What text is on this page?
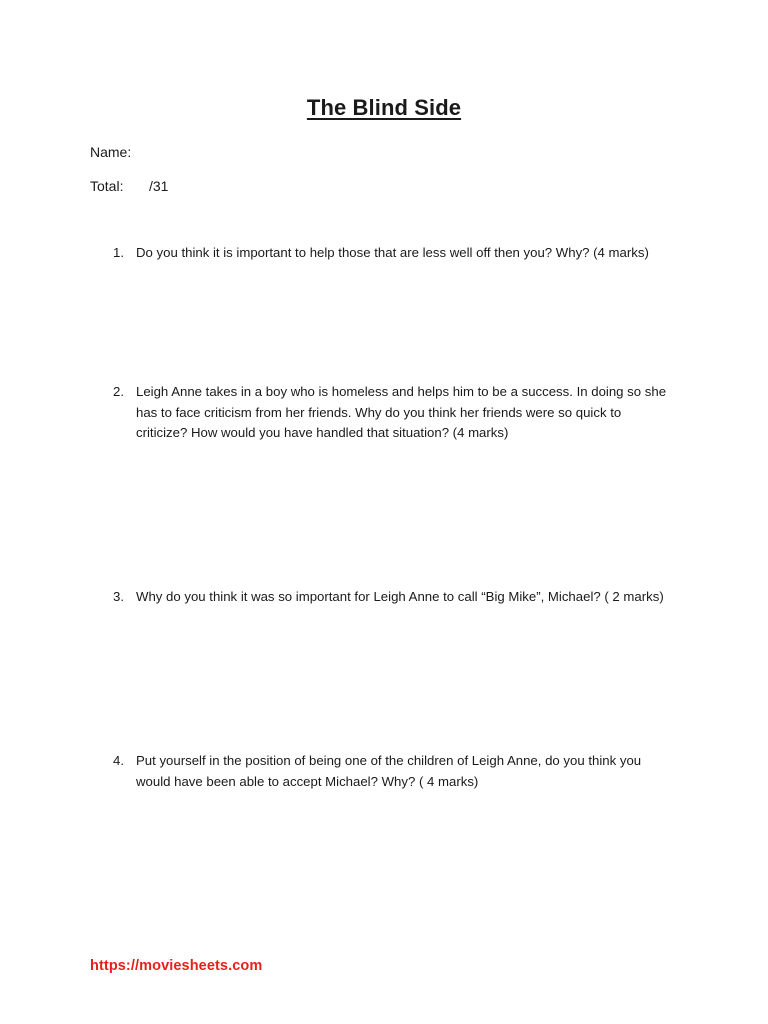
The Blind Side
Name:
Total: /31
1. Do you think it is important to help those that are less well off then you? Why? (4 marks)
2. Leigh Anne takes in a boy who is homeless and helps him to be a success. In doing so she has to face criticism from her friends. Why do you think her friends were so quick to criticize? How would you have handled that situation? (4 marks)
3. Why do you think it was so important for Leigh Anne to call “Big Mike”, Michael? ( 2 marks)
4. Put yourself in the position of being one of the children of Leigh Anne, do you think you would have been able to accept Michael? Why? ( 4 marks)
https://moviesheets.com
